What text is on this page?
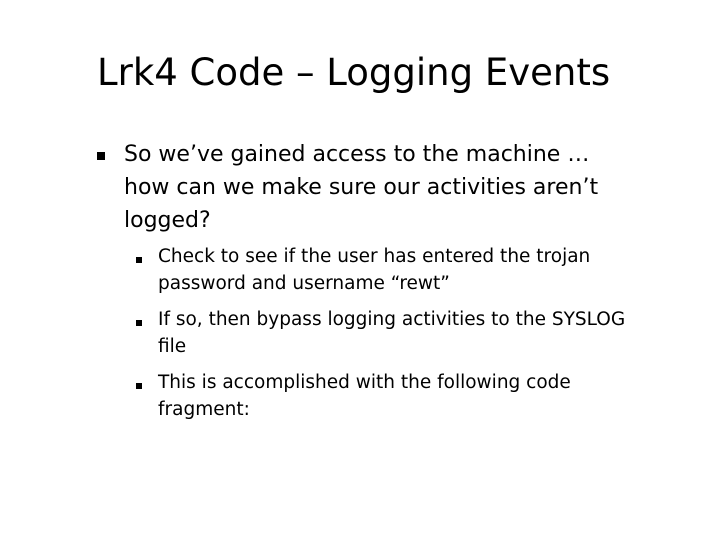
Lrk4 Code – Logging Events

So we’ve gained access to the machine …
how can we make sure our activities aren’t
logged?

Check to see if the user has entered the trojan
password and username “rewt”

If so, then bypass logging activities to the SYSLOG
file

This is accomplished with the following code
fragment:
